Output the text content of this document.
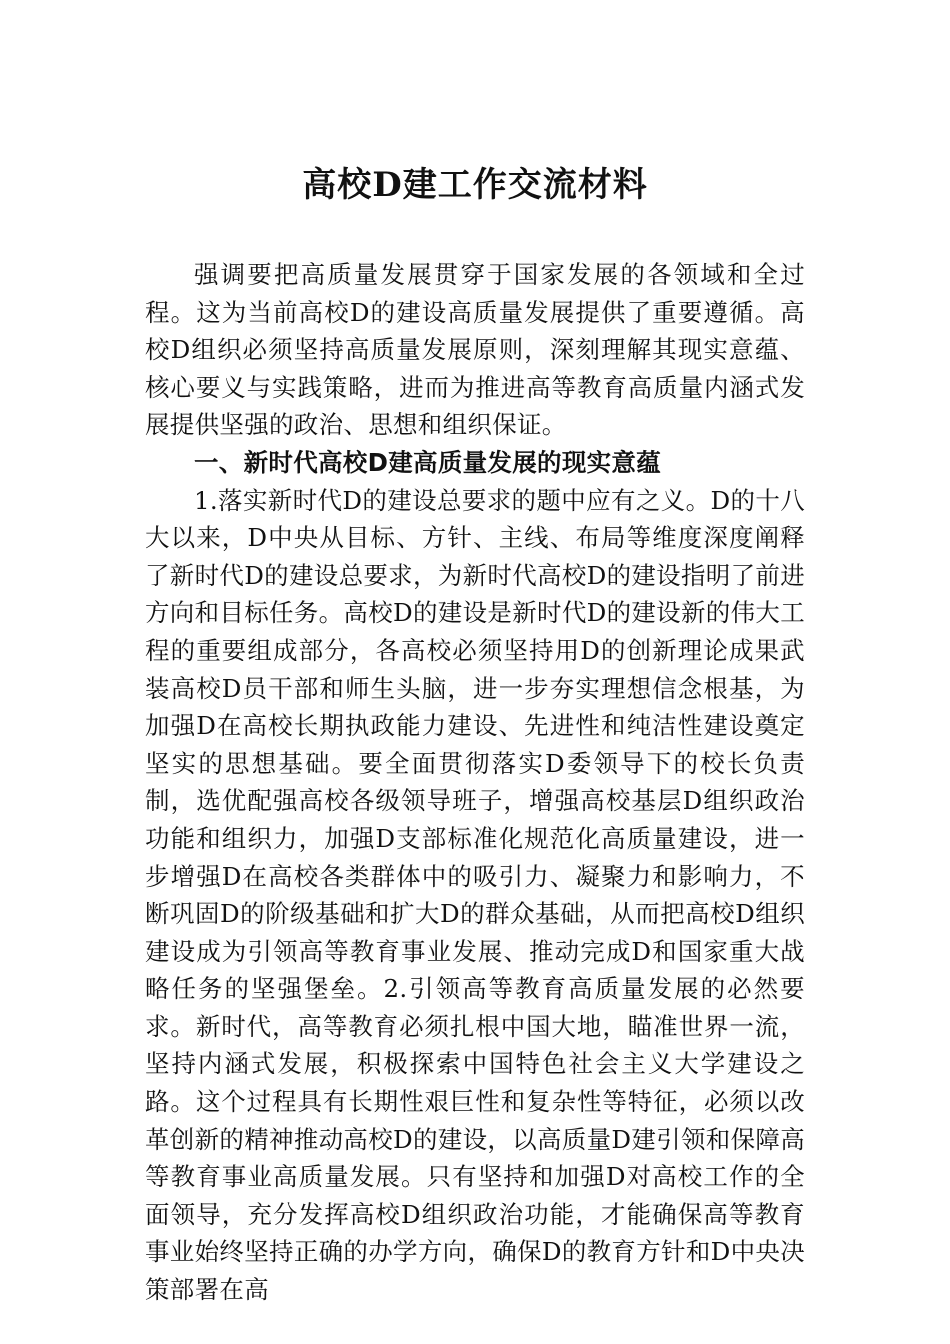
高校D建工作交流材料

强调要把高质量发展贯穿于国家发展的各领域和全过程。这为当前高校D的建设高质量发展提供了重要遵循。高校D组织必须坚持高质量发展原则，深刻理解其现实意蕴、核心要义与实践策略，进而为推进高等教育高质量内涵式发展提供坚强的政治、思想和组织保证。

一、新时代高校D建高质量发展的现实意蕴

1.落实新时代D的建设总要求的题中应有之义。D的十八大以来，D中央从目标、方针、主线、布局等维度深度阐释了新时代D的建设总要求，为新时代高校D的建设指明了前进方向和目标任务。高校D的建设是新时代D的建设新的伟大工程的重要组成部分，各高校必须坚持用D的创新理论成果武装高校D员干部和师生头脑，进一步夯实理想信念根基，为加强D在高校长期执政能力建设、先进性和纯洁性建设奠定坚实的思想基础。要全面贯彻落实D委领导下的校长负责制，选优配强高校各级领导班子，增强高校基层D组织政治功能和组织力，加强D支部标准化规范化高质量建设，进一步增强D在高校各类群体中的吸引力、凝聚力和影响力，不断巩固D的阶级基础和扩大D的群众基础，从而把高校D组织建设成为引领高等教育事业发展、推动完成D和国家重大战略任务的坚强堡垒。2.引领高等教育高质量发展的必然要求。新时代，高等教育必须扎根中国大地，瞄准世界一流，坚持内涵式发展，积极探索中国特色社会主义大学建设之路。这个过程具有长期性艰巨性和复杂性等特征，必须以改革创新的精神推动高校D的建设，以高质量D建引领和保障高等教育事业高质量发展。只有坚持和加强D对高校工作的全面领导，充分发挥高校D组织政治功能，才能确保高等教育事业始终坚持正确的办学方向，确保D的教育方针和D中央决策部署在高
